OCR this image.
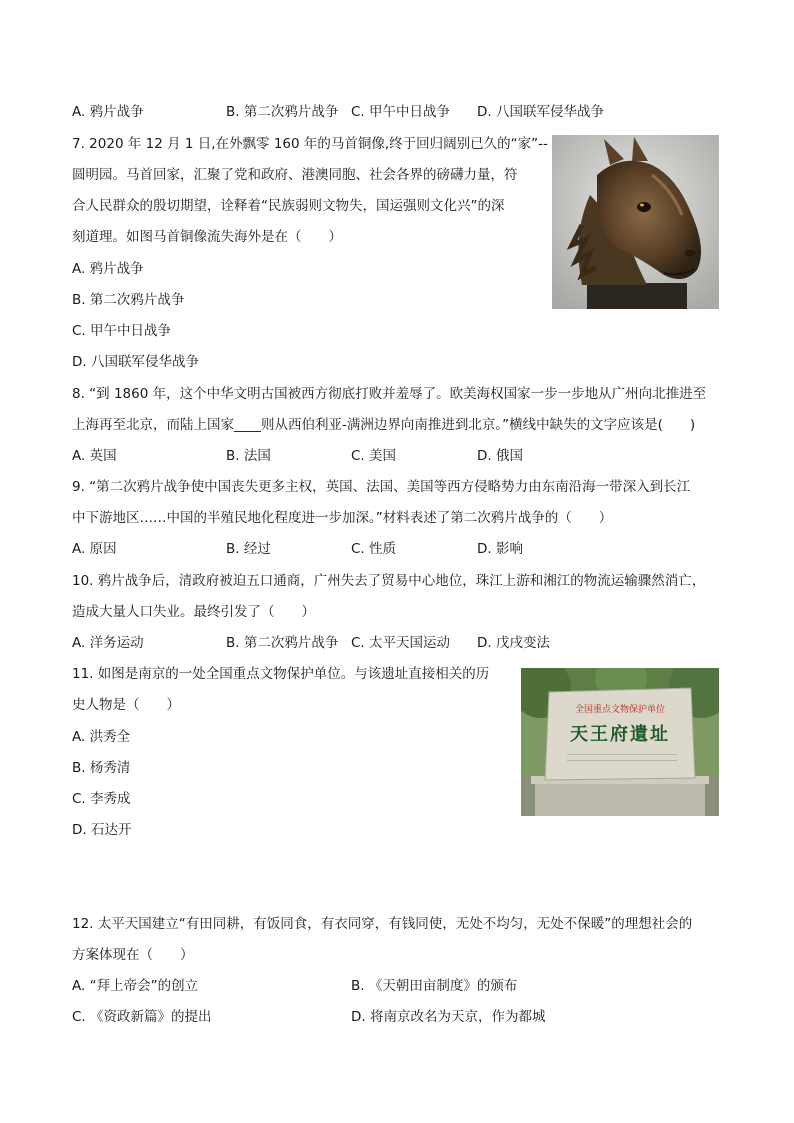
A. 鸦片战争	B. 第二次鸦片战争 C. 甲午中日战争 D. 八国联军侵华战争
7. 2020 年 12 月 1 日,在外飘零 160 年的马首铜像,终于回归阔别已久的“家”--
圆明园。马首回家，汇聚了党和政府、港澳同胞、社会各界的磅礴力量，符
合人民群众的殷切期望，诠释着“民族弱则文物失，国运强则文化兴”的深
刻道理。如图马首铜像流失海外是在（　　）
A. 鸦片战争
B. 第二次鸦片战争
C. 甲午中日战争
D. 八国联军侵华战争
8. “到 1860 年，这个中华文明古国被西方彻底打败并羞辱了。欧美海权国家一步一步地从广州向北推进至
上海再至北京，而陆上国家____则从西伯利亚-满洲边界向南推进到北京。”横线中缺失的文字应该是(　　)
A. 英国	B. 法国	C. 美国	D. 俄国
9. “第二次鸦片战争使中国丧失更多主权，英国、法国、美国等西方侵略势力由东南沿海一带深入到长江
中下游地区……中国的半殖民地化程度进一步加深。”材料表述了第二次鸦片战争的（　　）
A. 原因	B. 经过	C. 性质	D. 影响
10. 鸦片战争后，清政府被迫五口通商，广州失去了贸易中心地位，珠江上游和湘江的物流运输骤然消亡，
造成大量人口失业。最终引发了（　　）
A. 洋务运动	B. 第二次鸦片战争 C. 太平天国运动 D. 戊戌变法
11. 如图是南京的一处全国重点文物保护单位。与该遗址直接相关的历
史人物是（　　）
A. 洪秀全
B. 杨秀清
C. 李秀成
D. 石达开
全国重点文物保护单位
天王府遺址
12. 太平天国建立“有田同耕，有饭同食，有衣同穿，有钱同使，无处不均匀，无处不保暖”的理想社会的
方案体现在（　　）
A. “拜上帝会”的创立	B. 《天朝田亩制度》的颁布
C. 《资政新篇》的提出	D. 将南京改名为天京，作为都城
